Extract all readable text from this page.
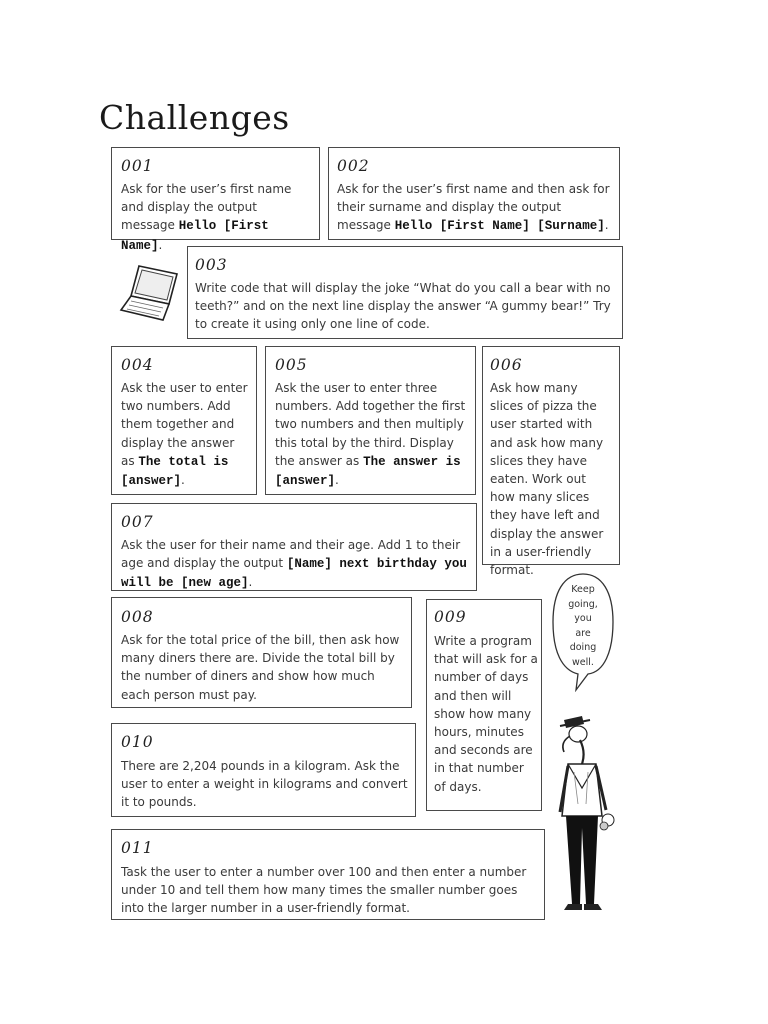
Challenges
001	002
003
004	005	006
007
008	009
010
011
Ask for the user’s first name and display the output message Hello [First Name].
Ask for the user’s first name and then ask for their surname and display the output message Hello [First Name] [Surname].
Write code that will display the joke “What do you call a bear with no teeth?” and on the next line display the answer “A gummy bear!” Try to create it using only one line of code.
Ask the user to enter two numbers. Add them together and display the answer as The total is [answer].
Ask the user to enter three numbers. Add together the first two numbers and then multiply this total by the third. Display the answer as The answer is [answer].
Ask how many slices of pizza the user started with and ask how many slices they have eaten. Work out how many slices they have left and display the answer in a user-friendly format.
Ask the user for their name and their age. Add 1 to their age and display the output [Name] next birthday you will be [new age].
Ask for the total price of the bill, then ask how many diners there are. Divide the total bill by the number of diners and show how much each person must pay.
Write a program that will ask for a number of days and then will show how many hours, minutes and seconds are in that number of days.
There are 2,204 pounds in a kilogram. Ask the user to enter a weight in kilograms and convert it to pounds.
Task the user to enter a number over 100 and then enter a number under 10 and tell them how many times the smaller number goes into the larger number in a user-friendly format.
Keep
going,
you
are
doing
well.
